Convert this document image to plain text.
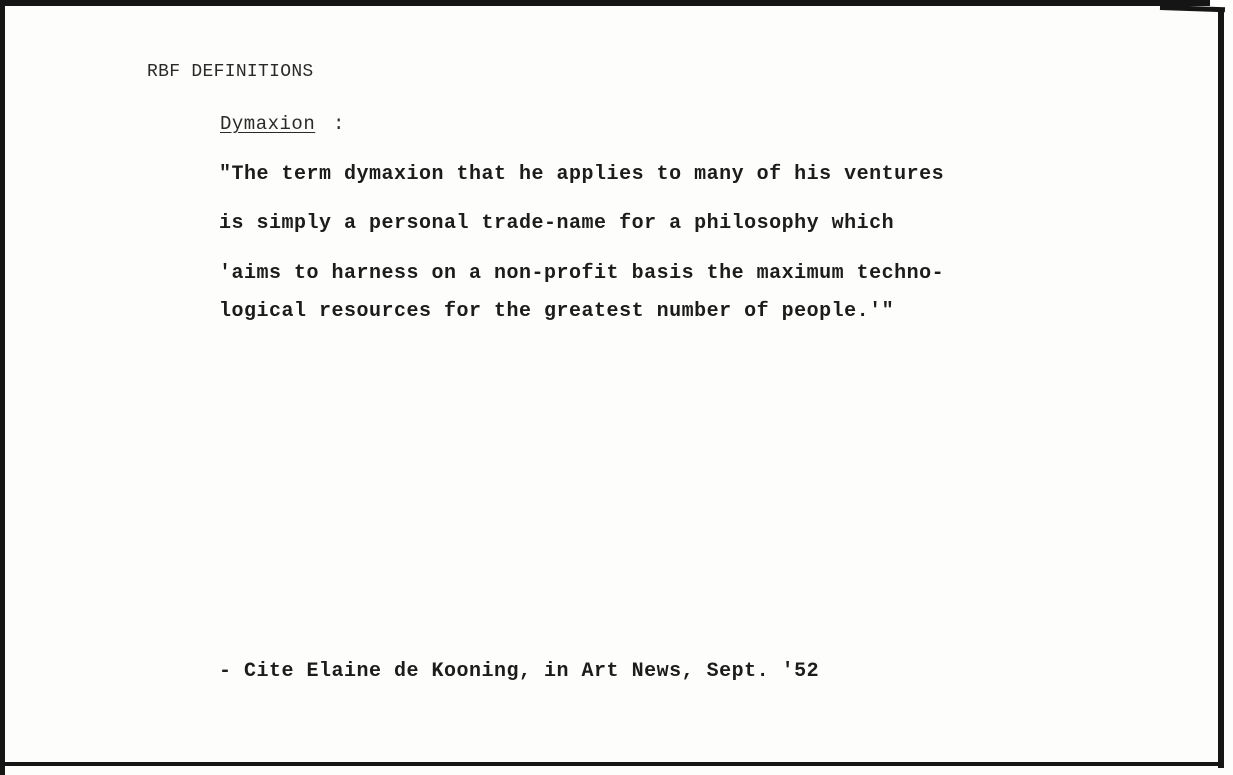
RBF DEFINITIONS
Dymaxion :
"The term dymaxion that he applies to many of his ventures
is simply a personal trade-name for a philosophy which
'aims to harness on a non-profit basis the maximum techno-
logical resources for the greatest number of people.'"
- Cite Elaine de Kooning, in Art News, Sept. '52
